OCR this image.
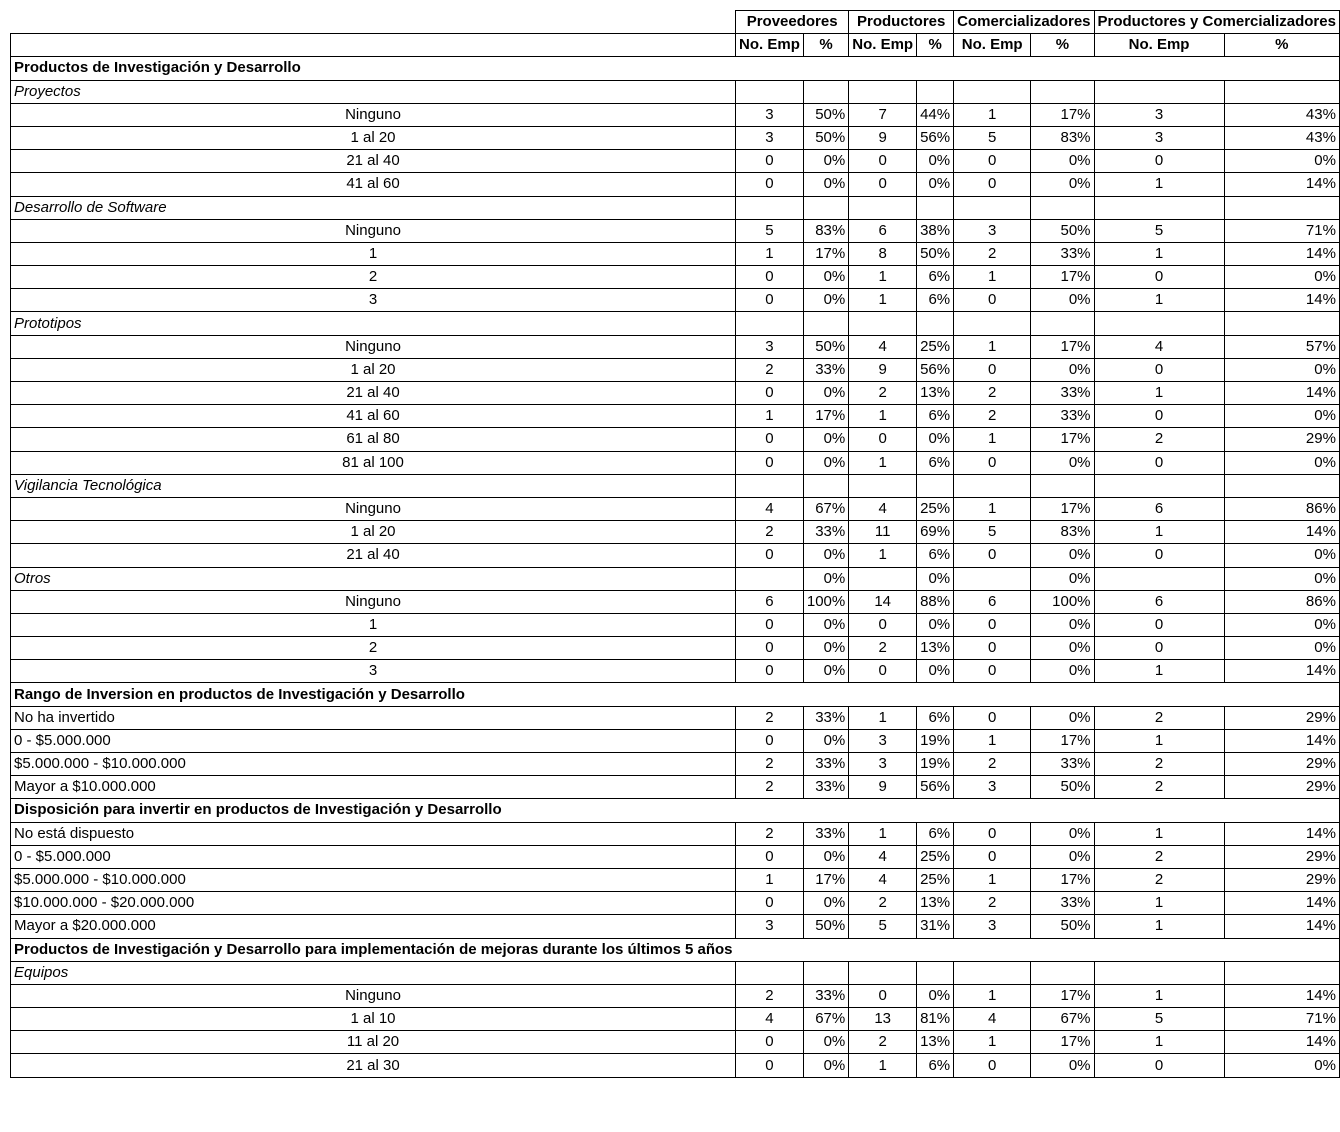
	Proveedores		Productores		Comercializadores		Productores y Comercializadores	
	No. Emp	%	No. Emp	%	No. Emp	%	No. Emp	%
Productos de Investigación y Desarrollo								
Proyectos								
Ninguno	3	50%	7	44%	1	17%	3	43%
1 al 20	3	50%	9	56%	5	83%	3	43%
21 al 40	0	0%	0	0%	0	0%	0	0%
41 al 60	0	0%	0	0%	0	0%	1	14%
Desarrollo de Software								
Ninguno	5	83%	6	38%	3	50%	5	71%
1	1	17%	8	50%	2	33%	1	14%
2	0	0%	1	6%	1	17%	0	0%
3	0	0%	1	6%	0	0%	1	14%
Prototipos								
Ninguno	3	50%	4	25%	1	17%	4	57%
1 al 20	2	33%	9	56%	0	0%	0	0%
21 al 40	0	0%	2	13%	2	33%	1	14%
41 al 60	1	17%	1	6%	2	33%	0	0%
61 al 80	0	0%	0	0%	1	17%	2	29%
81 al 100	0	0%	1	6%	0	0%	0	0%
Vigilancia Tecnológica								
Ninguno	4	67%	4	25%	1	17%	6	86%
1 al 20	2	33%	11	69%	5	83%	1	14%
21 al 40	0	0%	1	6%	0	0%	0	0%
Otros		0%		0%		0%		0%
Ninguno	6	100%	14	88%	6	100%	6	86%
1	0	0%	0	0%	0	0%	0	0%
2	0	0%	2	13%	0	0%	0	0%
3	0	0%	0	0%	0	0%	1	14%
Rango de Inversion en productos de Investigación y Desarrollo								
No ha invertido	2	33%	1	6%	0	0%	2	29%
0 - $5.000.000	0	0%	3	19%	1	17%	1	14%
$5.000.000 - $10.000.000	2	33%	3	19%	2	33%	2	29%
Mayor a $10.000.000	2	33%	9	56%	3	50%	2	29%
Disposición para invertir en productos de Investigación y Desarrollo								
No está dispuesto	2	33%	1	6%	0	0%	1	14%
0 - $5.000.000	0	0%	4	25%	0	0%	2	29%
$5.000.000 - $10.000.000	1	17%	4	25%	1	17%	2	29%
$10.000.000 - $20.000.000	0	0%	2	13%	2	33%	1	14%
Mayor a $20.000.000	3	50%	5	31%	3	50%	1	14%
Productos de Investigación y Desarrollo para implementación de mejoras durante los últimos 5 años								
Equipos								
Ninguno	2	33%	0	0%	1	17%	1	14%
1 al 10	4	67%	13	81%	4	67%	5	71%
11 al 20	0	0%	2	13%	1	17%	1	14%
21 al 30	0	0%	1	6%	0	0%	0	0%
